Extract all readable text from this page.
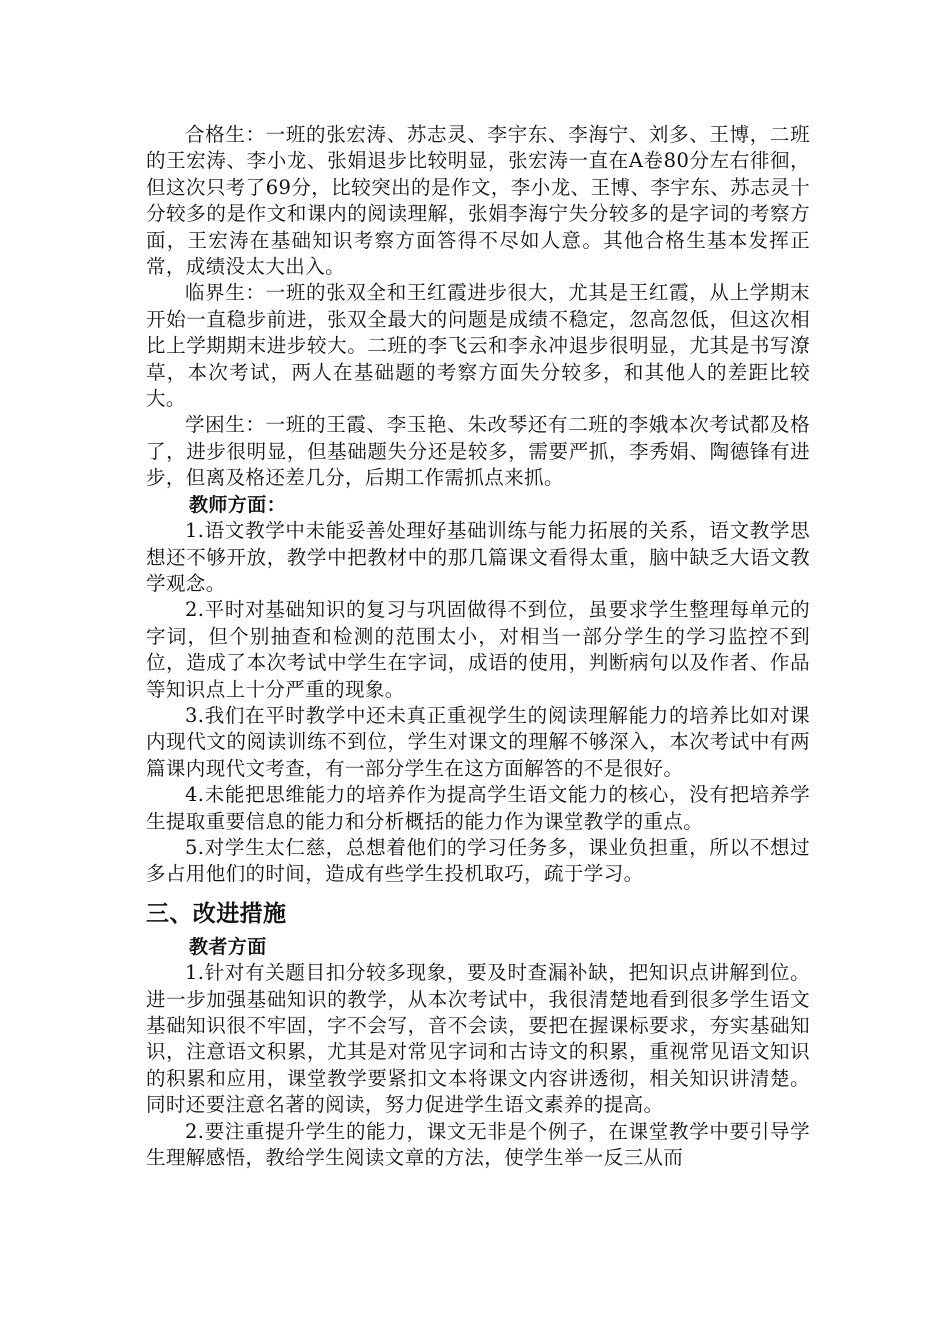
合格生：一班的张宏涛、苏志灵、李宇东、李海宁、刘多、王博，二班的王宏涛、李小龙、张娟退步比较明显，张宏涛一直在A卷80分左右徘徊，但这次只考了69分，比较突出的是作文，李小龙、王博、李宇东、苏志灵十分较多的是作文和课内的阅读理解，张娟李海宁失分较多的是字词的考察方面，王宏涛在基础知识考察方面答得不尽如人意。其他合格生基本发挥正常，成绩没太大出入。

临界生：一班的张双全和王红霞进步很大，尤其是王红霞，从上学期末开始一直稳步前进，张双全最大的问题是成绩不稳定，忽高忽低，但这次相比上学期期末进步较大。二班的李飞云和李永冲退步很明显，尤其是书写潦草，本次考试，两人在基础题的考察方面失分较多，和其他人的差距比较大。

学困生：一班的王霞、李玉艳、朱改琴还有二班的李娥本次考试都及格了，进步很明显，但基础题失分还是较多，需要严抓，李秀娟、陶德锋有进步，但离及格还差几分，后期工作需抓点来抓。

教师方面：

1.语文教学中未能妥善处理好基础训练与能力拓展的关系，语文教学思想还不够开放，教学中把教材中的那几篇课文看得太重，脑中缺乏大语文教学观念。

2.平时对基础知识的复习与巩固做得不到位，虽要求学生整理每单元的字词，但个别抽查和检测的范围太小，对相当一部分学生的学习监控不到位，造成了本次考试中学生在字词，成语的使用，判断病句以及作者、作品等知识点上十分严重的现象。

3.我们在平时教学中还未真正重视学生的阅读理解能力的培养比如对课内现代文的阅读训练不到位，学生对课文的理解不够深入，本次考试中有两篇课内现代文考查，有一部分学生在这方面解答的不是很好。

4.未能把思维能力的培养作为提高学生语文能力的核心，没有把培养学生提取重要信息的能力和分析概括的能力作为课堂教学的重点。

5.对学生太仁慈，总想着他们的学习任务多，课业负担重，所以不想过多占用他们的时间，造成有些学生投机取巧，疏于学习。

三、改进措施
教者方面

1.针对有关题目扣分较多现象，要及时查漏补缺，把知识点讲解到位。进一步加强基础知识的教学，从本次考试中，我很清楚地看到很多学生语文基础知识很不牢固，字不会写，音不会读，要把在握课标要求，夯实基础知识，注意语文积累，尤其是对常见字词和古诗文的积累，重视常见语文知识的积累和应用，课堂教学要紧扣文本将课文内容讲透彻，相关知识讲清楚。同时还要注意名著的阅读，努力促进学生语文素养的提高。

2.要注重提升学生的能力，课文无非是个例子，在课堂教学中要引导学生理解感悟，教给学生阅读文章的方法，使学生举一反三从而
